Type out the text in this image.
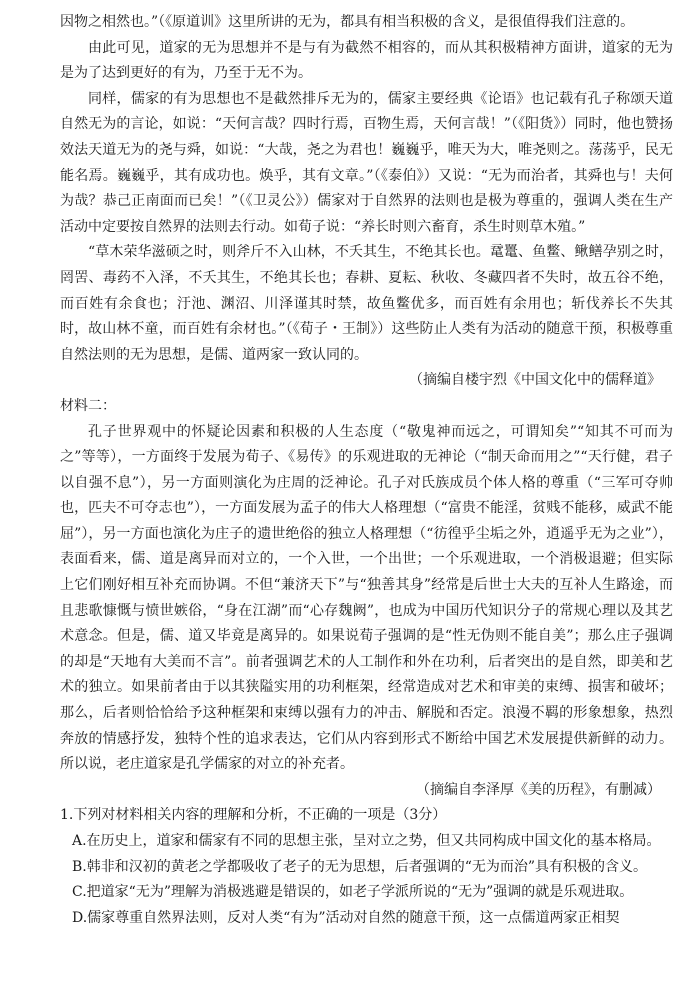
因物之相然也。”（《原道训》这里所讲的无为，都具有相当积极的含义，是很值得我们注意的。

由此可见，道家的无为思想并不是与有为截然不相容的，而从其积极精神方面讲，道家的无为是为了达到更好的有为，乃至于无不为。

同样，儒家的有为思想也不是截然排斥无为的，儒家主要经典《论语》也记载有孔子称颂天道自然无为的言论，如说：“天何言哉？四时行焉，百物生焉，天何言哉！”（《阳货》）同时，他也赞扬效法天道无为的尧与舜，如说：“大哉，尧之为君也！巍巍乎，唯天为大，唯尧则之。荡荡乎，民无能名焉。巍巍乎，其有成功也。焕乎，其有文章。”（《泰伯》）又说：“无为而治者，其舜也与！夫何为哉？恭己正南面而已矣！”（《卫灵公》）儒家对于自然界的法则也是极为尊重的，强调人类在生产活动中定要按自然界的法则去行动。如荀子说：“养长时则六畜育，杀生时则草木殖。”

“草木荣华滋硕之时，则斧斤不入山林，不夭其生，不绝其长也。鼋鼍、鱼鳖、鳅鳝孕别之时，罔罟、毒药不入泽，不夭其生，不绝其长也；春耕、夏耘、秋收、冬藏四者不失时，故五谷不绝，而百姓有余食也；汙池、渊沼、川泽谨其时禁，故鱼鳖优多，而百姓有余用也；斩伐养长不失其时，故山林不童，而百姓有余材也。”（《荀子・王制》）这些防止人类有为活动的随意干预，积极尊重自然法则的无为思想，是儒、道两家一致认同的。

（摘编自楼宇烈《中国文化中的儒释道》

材料二：

孔子世界观中的怀疑论因素和积极的人生态度（“敬鬼神而远之，可谓知矣”“知其不可而为之”等等），一方面终于发展为荀子、《易传》的乐观进取的无神论（“制天命而用之”“天行健，君子以自强不息”），另一方面则演化为庄周的泛神论。孔子对氏族成员个体人格的尊重（“三军可夺帅也，匹夫不可夺志也”），一方面发展为孟子的伟大人格理想（“富贵不能淫，贫贱不能移，威武不能屈”），另一方面也演化为庄子的遗世绝俗的独立人格理想（“彷徨乎尘垢之外，逍遥乎无为之业”），表面看来，儒、道是离异而对立的，一个入世，一个出世；一个乐观进取，一个消极退避；但实际上它们刚好相互补充而协调。不但“兼济天下”与“独善其身”经常是后世士大夫的互补人生路途，而且悲歌慷慨与愤世嫉俗，“身在江湖”而“心存魏阙”，也成为中国历代知识分子的常规心理以及其艺术意念。但是，儒、道又毕竟是离异的。如果说荀子强调的是“性无伪则不能自美”；那么庄子强调的却是“天地有大美而不言”。前者强调艺术的人工制作和外在功利，后者突出的是自然，即美和艺术的独立。如果前者由于以其狭隘实用的功利框架，经常造成对艺术和审美的束缚、损害和破坏；那么，后者则恰恰给予这种框架和束缚以强有力的冲击、解脱和否定。浪漫不羁的形象想象，热烈奔放的情感抒发，独特个性的追求表达，它们从内容到形式不断给中国艺术发展提供新鲜的动力。所以说，老庄道家是孔学儒家的对立的补充者。

（摘编自李泽厚《美的历程》，有删减）

1.下列对材料相关内容的理解和分析，不正确的一项是（3分）

A.在历史上，道家和儒家有不同的思想主张，呈对立之势，但又共同构成中国文化的基本格局。

B.韩非和汉初的黄老之学都吸收了老子的无为思想，后者强调的“无为而治”具有积极的含义。

C.把道家“无为”理解为消极逃避是错误的，如老子学派所说的“无为”强调的就是乐观进取。

D.儒家尊重自然界法则，反对人类“有为”活动对自然的随意干预，这一点儒道两家正相契
